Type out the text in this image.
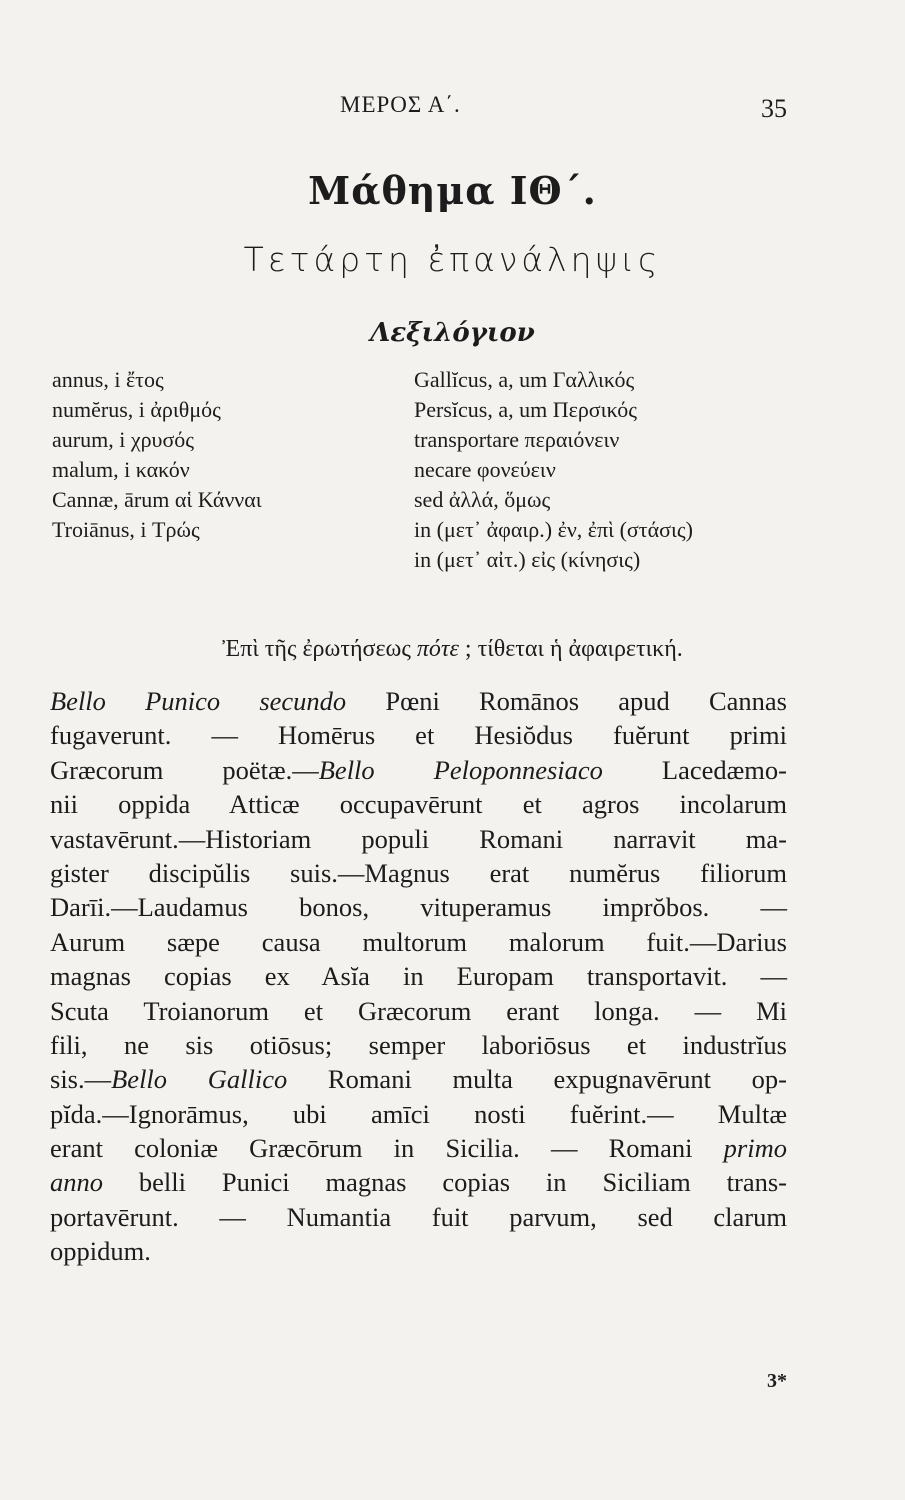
ΜΕΡΟΣ Α΄.	35
Μάθημα ΙΘ΄.
Τετάρτη ἐπανάληψις
Λεξιλόγιον
annus, i ἔτος
numĕrus, i ἀριθμός
aurum, i χρυσός
malum, i κακόν
Cannæ, ārum αἱ Κάνναι
Troiānus, i Τρώς
Gallĭcus, a, um Γαλλικός
Persĭcus, a, um Περσικός
transportare περαιόνειν
necare φονεύειν
sed ἀλλά, ὅμως
in (μετ᾽ ἀφαιρ.) ἐν, ἐπὶ (στάσις)
in (μετ᾽ αἰτ.) εἰς (κίνησις)
Ἐπὶ τῆς ἐρωτήσεως πότε ; τίθεται ἡ ἀφαιρετική.
Bello Punico secundo Pœni Romānos apud Cannas
fugaverunt. — Homērus et Hesiŏdus fuĕrunt primi
Græcorum poëtæ.—Bello Peloponnesiaco Lacedæmo-
nii oppida Atticæ occupavērunt et agros incolarum
vastavērunt.—Historiam populi Romani narravit ma-
gister discipŭlis suis.—Magnus erat numĕrus filiorum
Darīi.—Laudamus bonos, vituperamus imprŏbos. —
Aurum sæpe causa multorum malorum fuit.—Darius
magnas copias ex Asĭa in Europam transportavit. —
Scuta Troianorum et Græcorum erant longa. — Mi
fili, ne sis otiōsus; semper laboriōsus et industrĭus
sis.—Bello Gallico Romani multa expugnavērunt op-
pĭda.—Ignorāmus, ubi amīci nosti fuĕrint.— Multæ
erant coloniæ Græcōrum in Sicilia. — Romani primo
anno belli Punici magnas copias in Siciliam trans-
portavērunt. — Numantia fuit parvum, sed clarum
oppidum.
3*
